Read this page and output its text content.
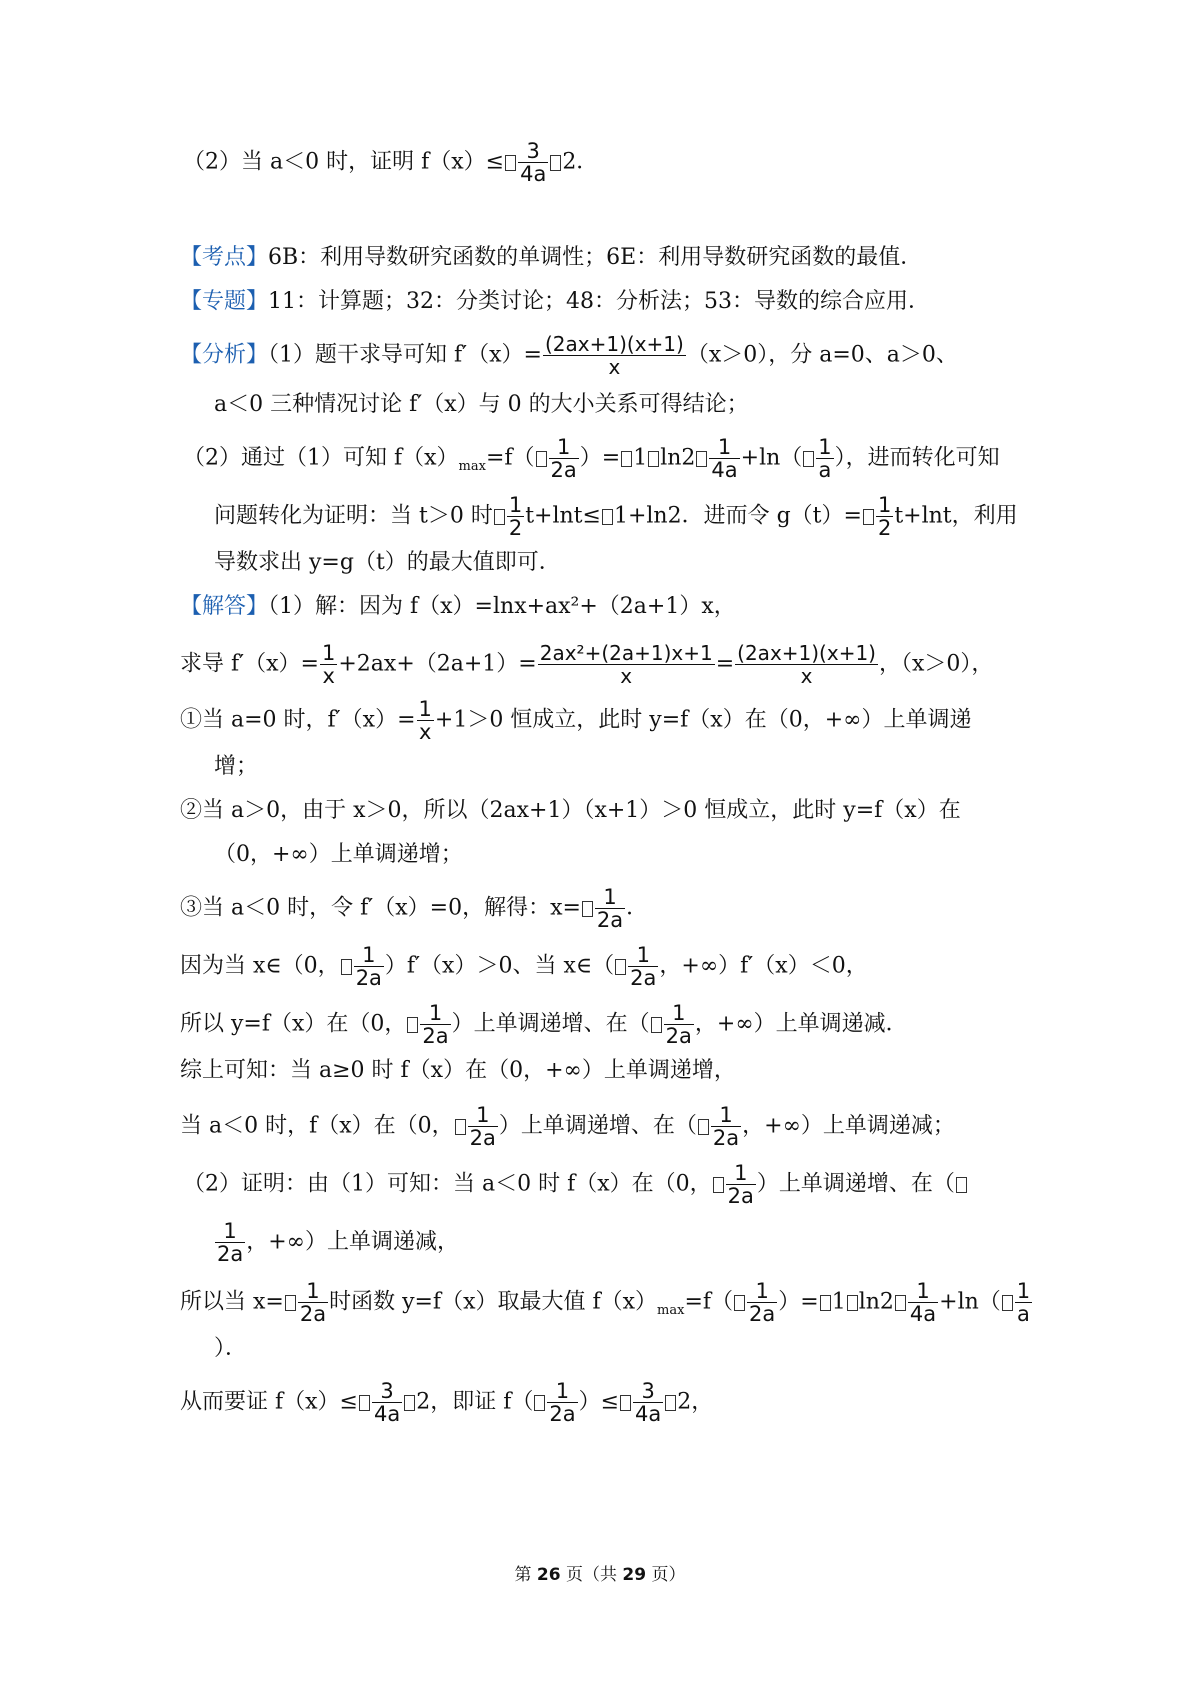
（2）当 a＜0 时，证明 $f(x)\le \frac{3}{4a} 2$．
【考点】6B：利用导数研究函数的单调性；6E：利用导数研究函数的最值．
【专题】11：计算题；32：分类讨论；48：分析法；53：导数的综合应用．
【分析】（1）题干求导可知 $f'(x)= \frac{(2ax+1)(x+1)}{x} (x>0)$，分 a=0、a＞0、
a＜0 三种情况讨论 f′（x）与 0 的大小关系可得结论；
（2）通过（1）可知 $f(x)_{max}=f( \frac{1}{2a}$ ）= 1 $\ln 2 \frac{1}{4a} +\ln( \frac{1}{a}$ ），进而转化可知
问题转化为证明：当 t＞0 时 $\frac{1}{2} t+\ln t\le 1+\ln 2$．进而令 $g(t)= \frac{1}{2} t+\ln t$，利用
导数求出 y=g（t）的最大值即可．
【解答】（1）解：因为 f（x）=lnx+ax²+（2a+1）x，
求导 $f'(x)= \frac{1}{x} +2ax+(2a+1)= \frac{\text{2ax²+(2a+1)x+1}}{x} = \frac{(2ax+1)(x+1)}{x}$ ，（x＞0），
①当 a=0 时，$f'(x)= \frac{1}{x} +1>0$ 恒成立，此时 y=f（x）在（0，+∞）上单调递
增；
②当 a＞0，由于 x＞0，所以（2ax+1）（x+1）＞0 恒成立，此时 y=f（x）在
（0，+∞）上单调递增；
③当 a＜0 时，令 f′（x）=0，解得：$x= \frac{1}{2a}$ ．
因为当 x∈（0， $\frac{1}{2a} )f'(x)>0$、当 x∈（ $\frac{1}{2a}$ ，+∞）f′（x）＜0，
所以 y=f（x）在（0， $\frac{1}{2a}$ ）上单调递增、在（ $\frac{1}{2a}$ ，+∞）上单调递减．
综上可知：当 a≥0 时 f（x）在（0，+∞）上单调递增，
当 a＜0 时，f（x）在（0， $\frac{1}{2a}$ ）上单调递增、在（ $\frac{1}{2a}$ ，+∞）上单调递减；
（2）证明：由（1）可知：当 a＜0 时 f（x）在（0， $\frac{1}{2a}$ ）上单调递增、在（
$\frac{1}{2a}$ ，+∞）上单调递减，
所以当 $x= \frac{1}{2a}$ 时函数 y=f（x）取最大值 $f(x)_{max}=f( \frac{1}{2a}$ ）= 1 $\ln 2 \frac{1}{4a} +\ln( \frac{1}{a}$
）．
从而要证 $f(x)\le \frac{3}{4a} 2$，即证 $f( \frac{1}{2a}$ ）≤ $\frac{3}{4a} 2$，
第 26 页（共 29 页）
